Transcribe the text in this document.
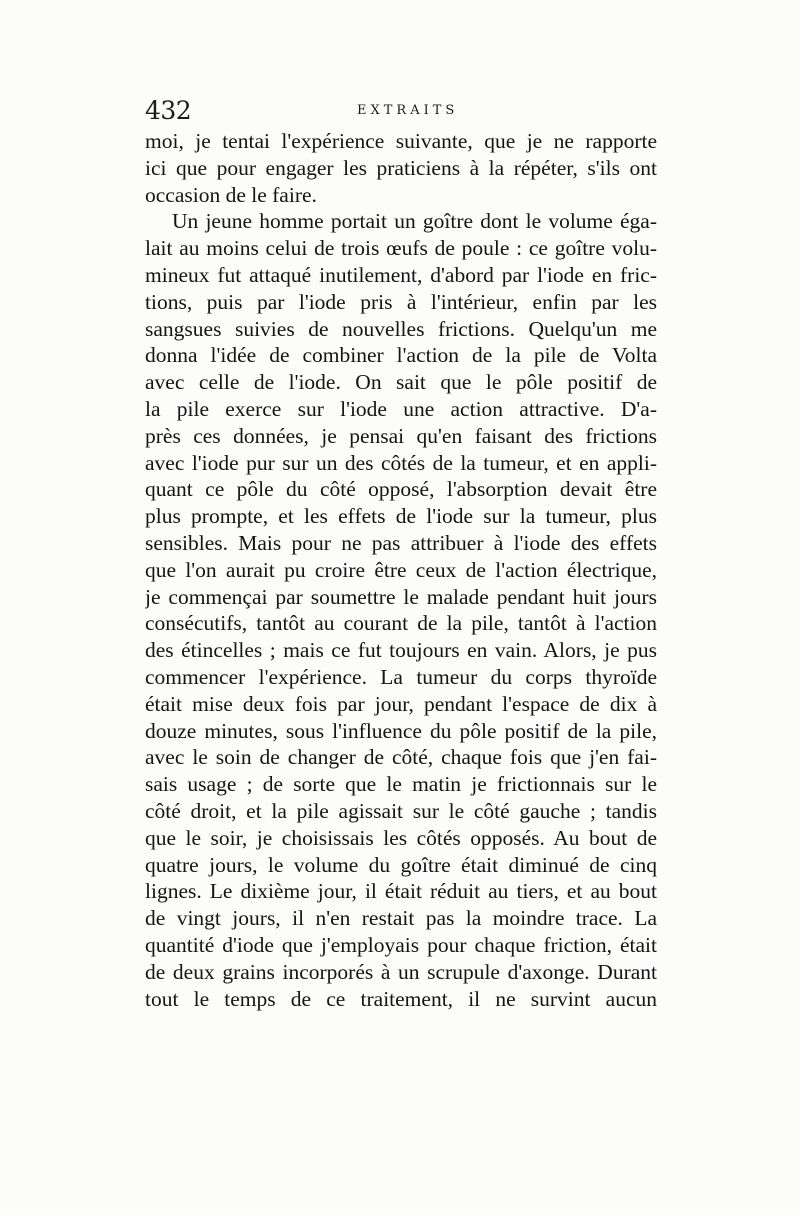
432	EXTRAITS
moi, je tentai l'expérience suivante, que je ne rapporte
ici que pour engager les praticiens à la répéter, s'ils ont
occasion de le faire.
Un jeune homme portait un goître dont le volume éga-
lait au moins celui de trois œufs de poule : ce goître volu-
mineux fut attaqué inutilement, d'abord par l'iode en fric-
tions, puis par l'iode pris à l'intérieur, enfin par les
sangsues suivies de nouvelles frictions. Quelqu'un me
donna l'idée de combiner l'action de la pile de Volta
avec celle de l'iode. On sait que le pôle positif de
la pile exerce sur l'iode une action attractive. D'a-
près ces données, je pensai qu'en faisant des frictions
avec l'iode pur sur un des côtés de la tumeur, et en appli-
quant ce pôle du côté opposé, l'absorption devait être
plus prompte, et les effets de l'iode sur la tumeur, plus
sensibles. Mais pour ne pas attribuer à l'iode des effets
que l'on aurait pu croire être ceux de l'action électrique,
je commençai par soumettre le malade pendant huit jours
consécutifs, tantôt au courant de la pile, tantôt à l'action
des étincelles ; mais ce fut toujours en vain. Alors, je pus
commencer l'expérience. La tumeur du corps thyroïde
était mise deux fois par jour, pendant l'espace de dix à
douze minutes, sous l'influence du pôle positif de la pile,
avec le soin de changer de côté, chaque fois que j'en fai-
sais usage ; de sorte que le matin je frictionnais sur le
côté droit, et la pile agissait sur le côté gauche ; tandis
que le soir, je choisissais les côtés opposés. Au bout de
quatre jours, le volume du goître était diminué de cinq
lignes. Le dixième jour, il était réduit au tiers, et au bout
de vingt jours, il n'en restait pas la moindre trace. La
quantité d'iode que j'employais pour chaque friction, était
de deux grains incorporés à un scrupule d'axonge. Durant
tout le temps de ce traitement, il ne survint aucun
